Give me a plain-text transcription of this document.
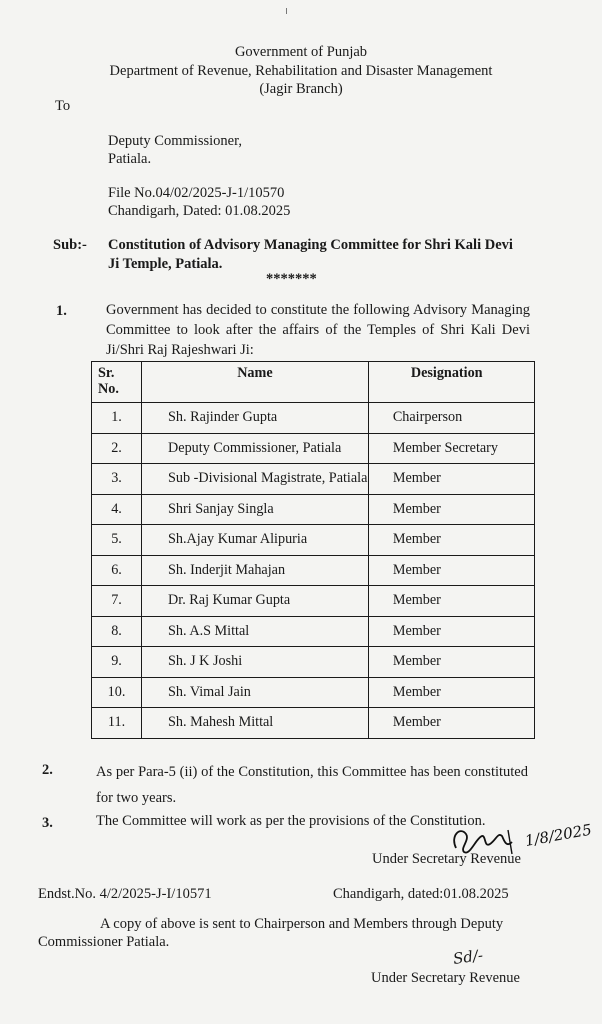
Government of Punjab
Department of Revenue, Rehabilitation and Disaster Management
(Jagir Branch)
To
Deputy Commissioner,
Patiala.
File No.04/02/2025-J-1/10570
Chandigarh, Dated: 01.08.2025
Sub:- Constitution of Advisory Managing Committee for Shri Kali Devi
Ji Temple, Patiala.
*******
1.	Government has decided to constitute the following Advisory Managing Committee to look after the affairs of the Temples of Shri Kali Devi Ji/Shri Raj Rajeshwari Ji:
Sr.
No.	Name	Designation
1.	Sh. Rajinder Gupta	Chairperson
2.	Deputy Commissioner, Patiala	Member Secretary
3.	Sub -Divisional Magistrate, Patiala	Member
4.	Shri Sanjay Singla	Member
5.	Sh.Ajay Kumar Alipuria	Member
6.	Sh. Inderjit Mahajan	Member
7.	Dr. Raj Kumar Gupta	Member
8.	Sh. A.S Mittal	Member
9.	Sh. J K Joshi	Member
10.	Sh. Vimal Jain	Member
11.	Sh. Mahesh Mittal	Member
2.	As per Para-5 (ii) of the Constitution, this Committee has been constituted for two years.
3.	The Committee will work as per the provisions of the Constitution.	1/8/2025
Under Secretary Revenue
Endst.No. 4/2/2025-J-I/10571	Chandigarh, dated:01.08.2025
A copy of above is sent to Chairperson and Members through Deputy
Commissioner Patiala.
Sd/-
Under Secretary Revenue
